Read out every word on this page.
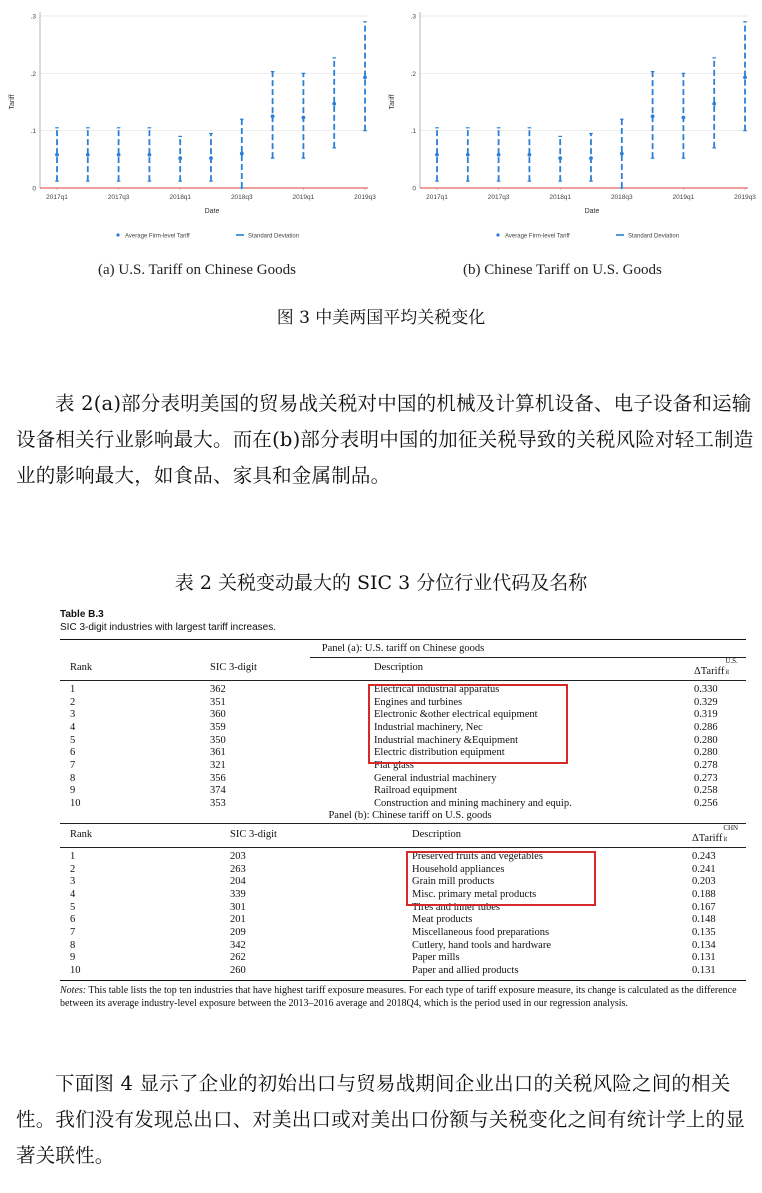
0
.1
.2
.3
Tariff
2017q1	2017q3	2018q1	2018q3	2019q1	2019q3
Date
Average Firm-level Tariff	Standard Deviation
0
.1
.2
.3
Tariff
2017q1	2017q3	2018q1	2018q3	2019q1	2019q3
Date
Average Firm-level Tariff	Standard Deviation
(a) U.S. Tariff on Chinese Goods	(b) Chinese Tariff on U.S. Goods
图 3 中美两国平均关税变化
表 2(a)部分表明美国的贸易战关税对中国的机械及计算机设备、电子设备和运输设备相关行业影响最大。而在(b)部分表明中国的加征关税导致的关税风险对轻工制造业的影响最大，如食品、家具和金属制品。
表 2 关税变动最大的 SIC 3 分位行业代码及名称
Table B.3
SIC 3-digit industries with largest tariff increases.
Panel (a): U.S. tariff on Chinese goods
Rank	SIC 3-digit	Description	ΔTariff
U.S.
it
1	362	Electrical industrial apparatus	0.330
2	351	Engines and turbines	0.329
3	360	Electronic &other electrical equipment	0.319
4	359	Industrial machinery, Nec	0.286
5	350	Industrial machinery &Equipment	0.280
6	361	Electric distribution equipment	0.280
7	321	Flat glass	0.278
8	356	General industrial machinery	0.273
9	374	Railroad equipment	0.258
10	353	Construction and mining machinery and equip.	0.256
Panel (b): Chinese tariff on U.S. goods
Rank	SIC 3-digit	Description	ΔTariff
CHN
it
1	203	Preserved fruits and vegetables	0.243
2	263	Household appliances	0.241
3	204	Grain mill products	0.203
4	339	Misc. primary metal products	0.188
5	301	Tires and inner tubes	0.167
6	201	Meat products	0.148
7	209	Miscellaneous food preparations	0.135
8	342	Cutlery, hand tools and hardware	0.134
9	262	Paper mills	0.131
10	260	Paper and allied products	0.131
Notes: This table lists the top ten industries that have highest tariff exposure measures. For each type of tariff exposure measure, its change is calculated as the difference between its average industry-level exposure between the 2013–2016 average and 2018Q4, which is the period used in our regression analysis.
下面图 4 显示了企业的初始出口与贸易战期间企业出口的关税风险之间的相关性。我们没有发现总出口、对美出口或对美出口份额与关税变化之间有统计学上的显著关联性。
